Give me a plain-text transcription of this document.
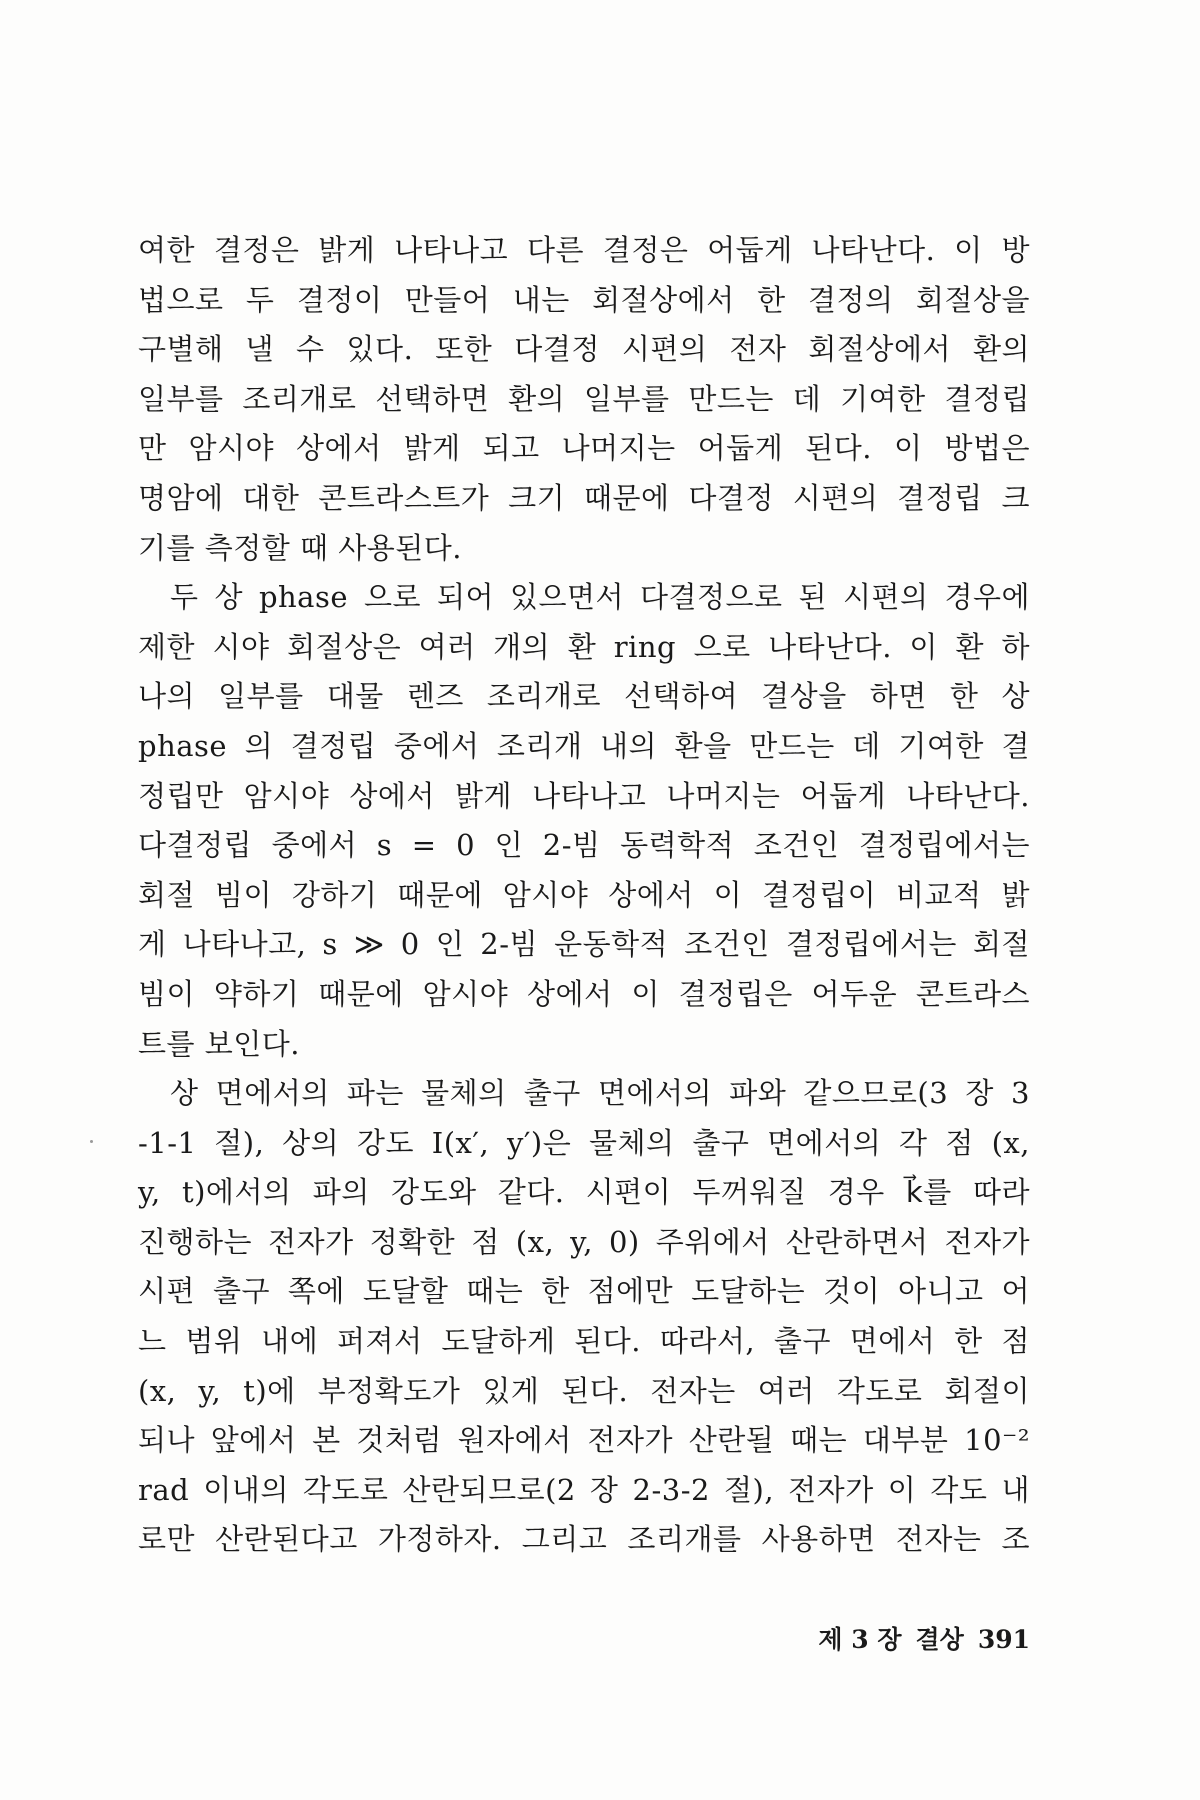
여한 결정은 밝게 나타나고 다른 결정은 어둡게 나타난다. 이 방
법으로 두 결정이 만들어 내는 회절상에서 한 결정의 회절상을
구별해 낼 수 있다. 또한 다결정 시편의 전자 회절상에서 환의
일부를 조리개로 선택하면 환의 일부를 만드는 데 기여한 결정립
만 암시야 상에서 밝게 되고 나머지는 어둡게 된다. 이 방법은
명암에 대한 콘트라스트가 크기 때문에 다결정 시편의 결정립 크
기를 측정할 때 사용된다.
두 상 phase 으로 되어 있으면서 다결정으로 된 시편의 경우에
제한 시야 회절상은 여러 개의 환 ring 으로 나타난다. 이 환 하
나의 일부를 대물 렌즈 조리개로 선택하여 결상을 하면 한 상
phase 의 결정립 중에서 조리개 내의 환을 만드는 데 기여한 결
정립만 암시야 상에서 밝게 나타나고 나머지는 어둡게 나타난다.
다결정립 중에서 s = 0 인 2-빔 동력학적 조건인 결정립에서는
회절 빔이 강하기 때문에 암시야 상에서 이 결정립이 비교적 밝
게 나타나고, s ≫ 0 인 2-빔 운동학적 조건인 결정립에서는 회절
빔이 약하기 때문에 암시야 상에서 이 결정립은 어두운 콘트라스
트를 보인다.
상 면에서의 파는 물체의 출구 면에서의 파와 같으므로(3 장 3
-1-1 절), 상의 강도 I(x′, y′)은 물체의 출구 면에서의 각 점 (x,
y, t)에서의 파의 강도와 같다. 시편이 두꺼워질 경우 k⃗를 따라
진행하는 전자가 정확한 점 (x, y, 0) 주위에서 산란하면서 전자가
시편 출구 쪽에 도달할 때는 한 점에만 도달하는 것이 아니고 어
느 범위 내에 퍼져서 도달하게 된다. 따라서, 출구 면에서 한 점
(x, y, t)에 부정확도가 있게 된다. 전자는 여러 각도로 회절이
되나 앞에서 본 것처럼 원자에서 전자가 산란될 때는 대부분 10⁻²
rad 이내의 각도로 산란되므로(2 장 2-3-2 절), 전자가 이 각도 내
로만 산란된다고 가정하자. 그리고 조리개를 사용하면 전자는 조
제 3 장 결상 391
